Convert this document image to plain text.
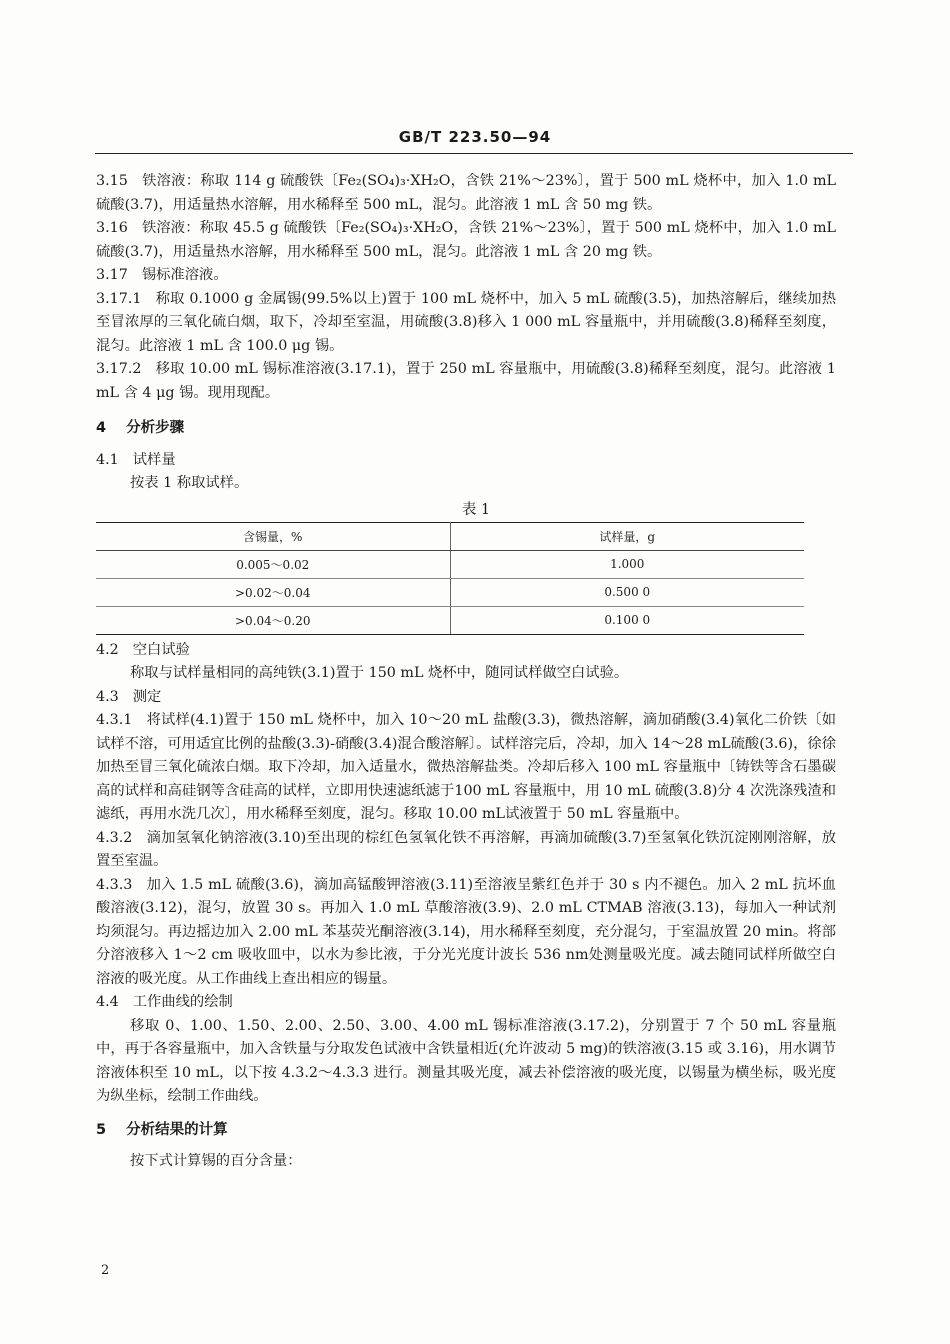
GB/T 223.50—94

3.15 铁溶液：称取 114 g 硫酸铁〔Fe₂(SO₄)₃·XH₂O，含铁 21%～23%〕，置于 500 mL 烧杯中，加入 1.0 mL硫酸(3.7)，用适量热水溶解，用水稀释至 500 mL，混匀。此溶液 1 mL 含 50 mg 铁。

3.16 铁溶液：称取 45.5 g 硫酸铁〔Fe₂(SO₄)₃·XH₂O，含铁 21%～23%〕，置于 500 mL 烧杯中，加入 1.0 mL硫酸(3.7)，用适量热水溶解，用水稀释至 500 mL，混匀。此溶液 1 mL 含 20 mg 铁。

3.17 锡标准溶液。

3.17.1 称取 0.1000 g 金属锡(99.5%以上)置于 100 mL 烧杯中，加入 5 mL 硫酸(3.5)，加热溶解后，继续加热至冒浓厚的三氧化硫白烟，取下，冷却至室温，用硫酸(3.8)移入 1 000 mL 容量瓶中，并用硫酸(3.8)稀释至刻度，混匀。此溶液 1 mL 含 100.0 μg 锡。

3.17.2 移取 10.00 mL 锡标准溶液(3.17.1)，置于 250 mL 容量瓶中，用硫酸(3.8)稀释至刻度，混匀。此溶液 1 mL 含 4 μg 锡。现用现配。

4 分析步骤

4.1 试样量

按表 1 称取试样。

表 1
含锡量，%	试样量，g
0.005～0.02	1.000
>0.02～0.04	0.500 0
>0.04～0.20	0.100 0

4.2 空白试验

称取与试样量相同的高纯铁(3.1)置于 150 mL 烧杯中，随同试样做空白试验。

4.3 测定

4.3.1 将试样(4.1)置于 150 mL 烧杯中，加入 10～20 mL 盐酸(3.3)，微热溶解，滴加硝酸(3.4)氧化二价铁〔如试样不溶，可用适宜比例的盐酸(3.3)-硝酸(3.4)混合酸溶解〕。试样溶完后，冷却，加入 14～28 mL硫酸(3.6)，徐徐加热至冒三氧化硫浓白烟。取下冷却，加入适量水，微热溶解盐类。冷却后移入 100 mL 容量瓶中〔铸铁等含石墨碳高的试样和高硅钢等含硅高的试样，立即用快速滤纸滤于100 mL 容量瓶中，用 10 mL 硫酸(3.8)分 4 次洗涤残渣和滤纸，再用水洗几次〕，用水稀释至刻度，混匀。移取 10.00 mL试液置于 50 mL 容量瓶中。

4.3.2 滴加氢氧化钠溶液(3.10)至出现的棕红色氢氧化铁不再溶解，再滴加硫酸(3.7)至氢氧化铁沉淀刚刚溶解，放置至室温。

4.3.3 加入 1.5 mL 硫酸(3.6)，滴加高锰酸钾溶液(3.11)至溶液呈紫红色并于 30 s 内不褪色。加入 2 mL 抗坏血酸溶液(3.12)，混匀，放置 30 s。再加入 1.0 mL 草酸溶液(3.9)、2.0 mL CTMAB 溶液(3.13)，每加入一种试剂均须混匀。再边摇边加入 2.00 mL 苯基荧光酮溶液(3.14)，用水稀释至刻度，充分混匀，于室温放置 20 min。将部分溶液移入 1～2 cm 吸收皿中，以水为参比液，于分光光度计波长 536 nm处测量吸光度。减去随同试样所做空白溶液的吸光度。从工作曲线上查出相应的锡量。

4.4 工作曲线的绘制

移取 0、1.00、1.50、2.00、2.50、3.00、4.00 mL 锡标准溶液(3.17.2)，分别置于 7 个 50 mL 容量瓶中，再于各容量瓶中，加入含铁量与分取发色试液中含铁量相近(允许波动 5 mg)的铁溶液(3.15 或 3.16)，用水调节溶液体积至 10 mL，以下按 4.3.2～4.3.3 进行。测量其吸光度，减去补偿溶液的吸光度，以锡量为横坐标，吸光度为纵坐标，绘制工作曲线。

5 分析结果的计算

按下式计算锡的百分含量：

2
